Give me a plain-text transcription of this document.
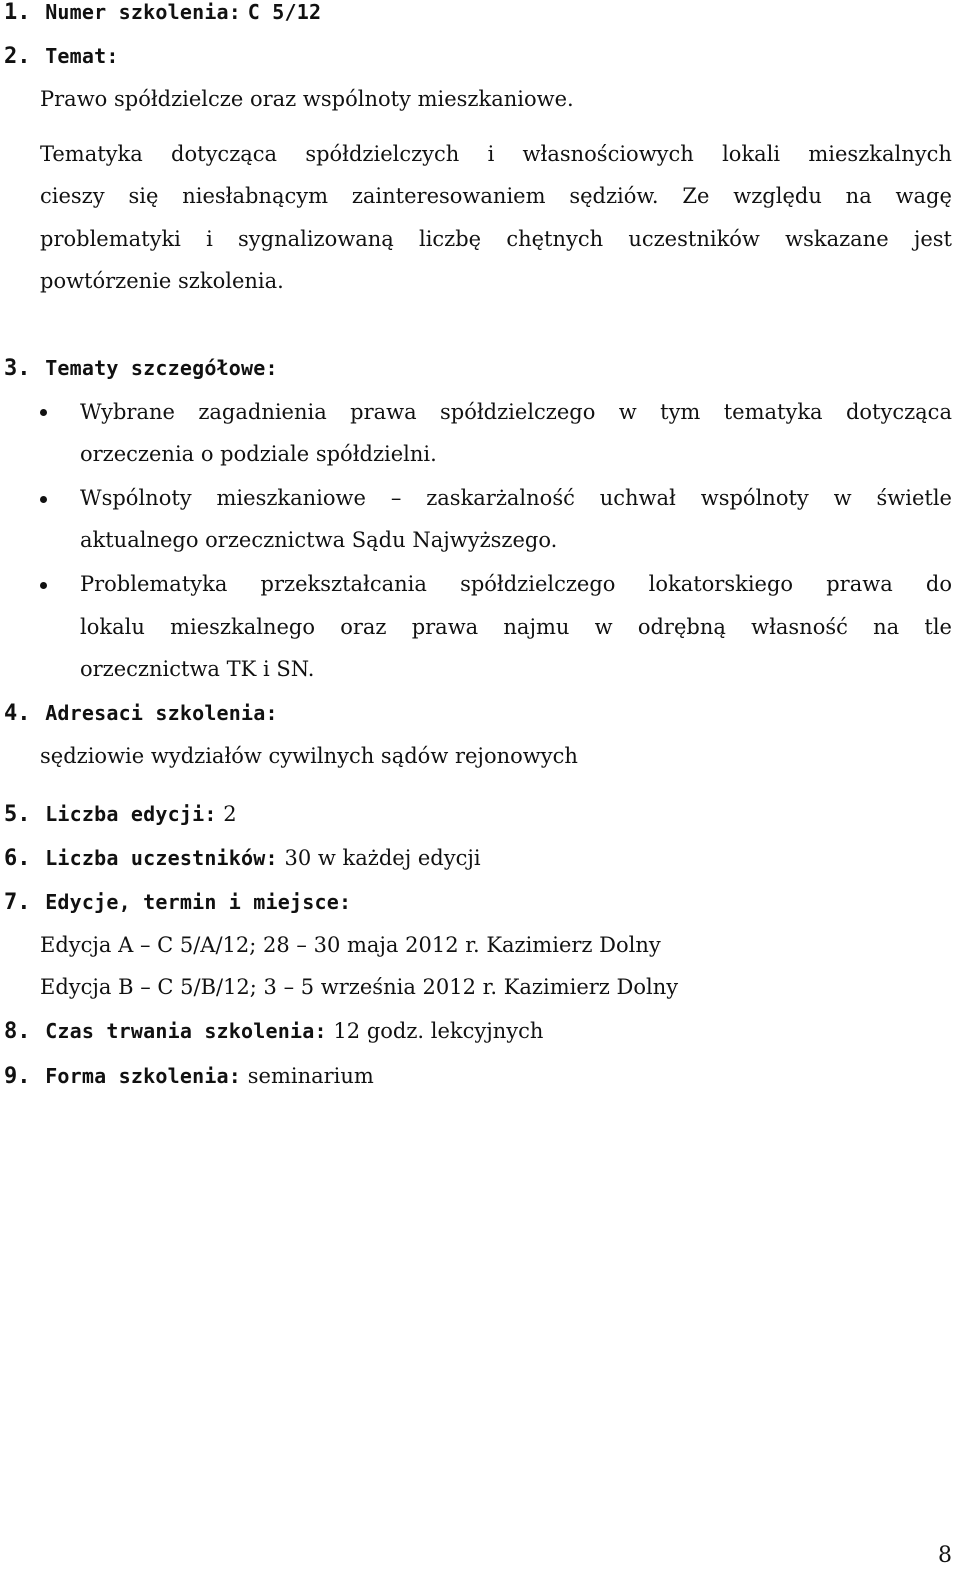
1. Numer szkolenia: C 5/12
2. Temat:
Prawo spółdzielcze oraz wspólnoty mieszkaniowe.
Tematyka dotycząca spółdzielczych i własnościowych lokali mieszkalnych
cieszy się niesłabnącym zainteresowaniem sędziów. Ze względu na wagę
problematyki i sygnalizowaną liczbę chętnych uczestników wskazane jest
powtórzenie szkolenia.
3. Tematy szczegółowe:
Wybrane zagadnienia prawa spółdzielczego w tym tematyka dotycząca
orzeczenia o podziale spółdzielni.
Wspólnoty mieszkaniowe – zaskarżalność uchwał wspólnoty w świetle
aktualnego orzecznictwa Sądu Najwyższego.
Problematyka przekształcania spółdzielczego lokatorskiego prawa do
lokalu mieszkalnego oraz prawa najmu w odrębną własność na tle
orzecznictwa TK i SN.
4. Adresaci szkolenia:
sędziowie wydziałów cywilnych sądów rejonowych
5. Liczba edycji: 2
6. Liczba uczestników: 30 w każdej edycji
7. Edycje, termin i miejsce:
Edycja A – C 5/A/12; 28 – 30 maja 2012 r. Kazimierz Dolny
Edycja B – C 5/B/12; 3 – 5 września 2012 r. Kazimierz Dolny
8. Czas trwania szkolenia: 12 godz. lekcyjnych
9. Forma szkolenia: seminarium
8
